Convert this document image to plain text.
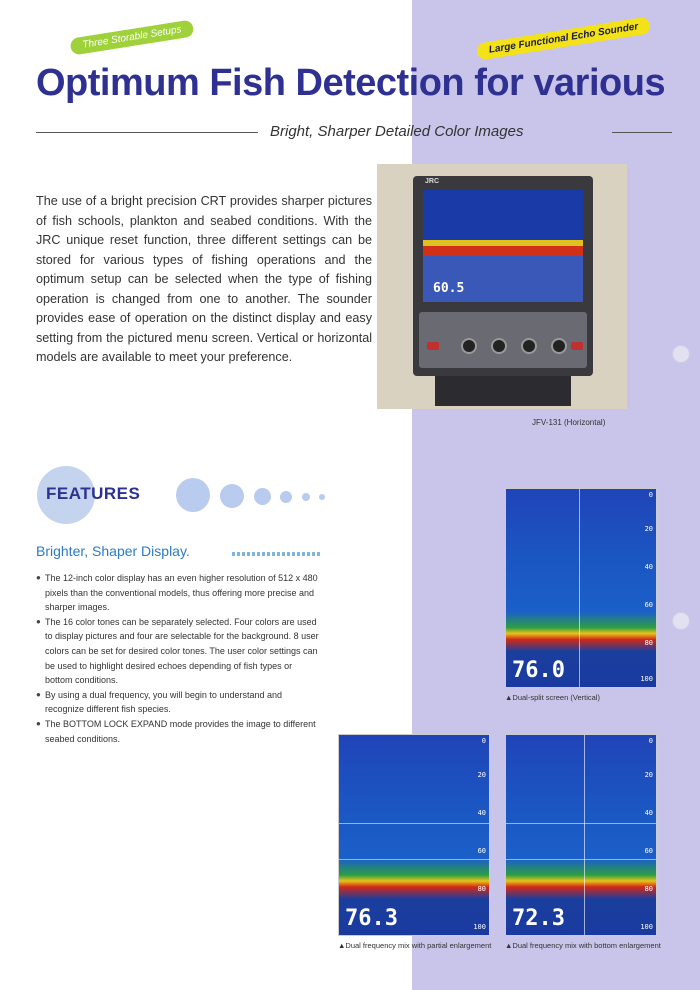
Three Storable Setups	Large Functional Echo Sounder
Optimum Fish Detection for various
Bright, Sharper Detailed Color Images

The use of a bright precision CRT provides sharper pictures of fish schools, plankton and seabed conditions. With the JRC unique reset function, three different settings can be stored for various types of fishing operations and the optimum setup can be selected when the type of fishing operation is changed from one to another. The sounder provides ease of operation on the distinct display and easy setting from the pictured menu screen. Vertical or horizontal models are available to meet your preference.

JRC
60.5
JFV-131 (Horizontal)
FEATURES
Brighter, Shaper Display.
● The 12-inch color display has an even higher resolution of 512 x 480 pixels than the conventional models, thus offering more precise and sharper images.
● The 16 color tones can be separately selected. Four colors are used to display pictures and four are selectable for the background. 8 user colors can be set for desired color tones. The user color settings can be used to highlight desired echoes depending of fish types or bottom conditions.
● By using a dual frequency, you will begin to understand and recognize different fish species.
● The BOTTOM LOCK EXPAND mode provides the image to different seabed conditions.
0
20
40
60
80
100
76.0
▲Dual-split screen (Vertical)
0
20
40
60
80
100
76.3
▲Dual frequency mix with partial enlargement
0
20
40
60
80
100
72.3
▲Dual frequency mix with bottom enlargement
